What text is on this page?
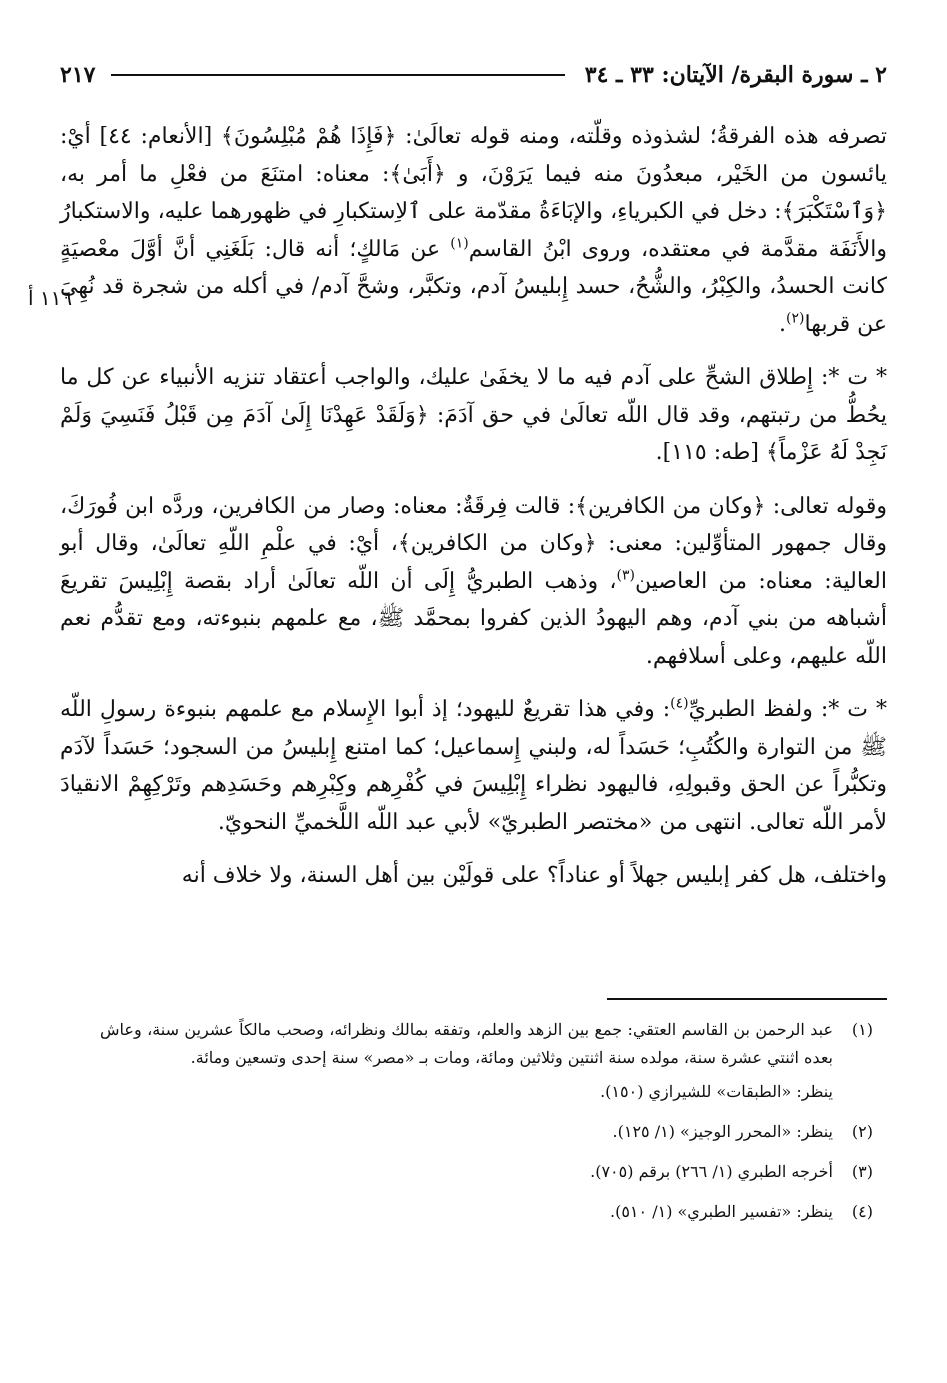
٢ ـ سورة البقرة/ الآيتان: ٣٣ ـ ٣٤
٢١٧

تصرفه هذه الفرقةُ؛ لشذوذه وقلّته، ومنه قوله تعالَىٰ: ﴿فَإِذَا هُمْ مُبْلِسُونَ﴾ [الأنعام: ٤٤] أيْ: يائسون من الخَيْر، مبعدُونَ منه فيما يَرَوْنَ، و ﴿أَبَىٰ﴾: معناه: امتنَعَ من فعْلِ ما أمر به، ﴿وَٱسْتَكْبَرَ﴾: دخل في الكبرياءِ، والإبَاءَةُ مقدّمة على ٱلاِستكبارِ في ظهورهما عليه، والاستكبارُ والأَنَفَة مقدَّمة في معتقده، وروى ابْنُ القاسم$^{(١)}$ عن مَالكٍ؛ أنه قال: بَلَغَنِي أنَّ أوَّلَ معْصيَةٍ كانت الحسدُ، والكِبْرُ، والشُّحُ، حسد إِبليسُ آدم، وتكبَّر، وشحَّ آدم/ في أكله من شجرة قد نُهِيَ عن قربها$^{(٢)}$.

* ت *: إِطلاق الشحِّ على آدم فيه ما لا يخفَىٰ عليك، والواجب أعتقاد تنزيه الأنبياء عن كل ما يحُطُّ من رتبتهم، وقد قال اللّه تعالَىٰ في حق آدَمَ: ﴿وَلَقَدْ عَهِدْنَا إِلَىٰ آدَمَ مِن قَبْلُ فَنَسِيَ وَلَمْ نَجِدْ لَهُ عَزْماً﴾ [طه: ١١٥].

وقوله تعالى: ﴿وكان من الكافرين﴾: قالت فِرقَةٌ: معناه: وصار من الكافرين، وردَّه ابن فُورَكَ، وقال جمهور المتأوِّلين: معنى: ﴿وكان من الكافرين﴾، أيْ: في علْمِ اللّهِ تعالَىٰ، وقال أبو العالية: معناه: من العاصين$^{(٣)}$، وذهب الطبريُّ إِلَى أن اللّه تعالَىٰ أراد بقصة إِبْلِيسَ تقريعَ أشباهه من بني آدم، وهم اليهودُ الذين كفروا بمحمَّد ﷺ، مع علمهم بنبوءته، ومع تقدُّم نعم اللّه عليهم، وعلى أسلافهم.

* ت *: ولفظ الطبريِّ$^{(٤)}$: وفي هذا تقريعٌ لليهود؛ إذ أبوا الإِسلام مع علمهم بنبوءة رسولِ اللّه ﷺ من التوارة والكُتُبِ؛ حَسَداً له، ولبني إِسماعيل؛ كما امتنع إِبليسُ من السجود؛ حَسَداً لآدَم وتكبُّراً عن الحق وقبولِهِ، فاليهود نظراء إِبْلِيسَ في كُفْرِهم وكِبْرِهم وحَسَدِهم وتَرْكِهِمْ الانقيادَ لأمر اللّه تعالى. انتهى من «مختصر الطبريّ» لأبي عبد اللّه اللَّخميِّ النحويّ.

واختلف، هل كفر إبليس جهلاً أو عناداً؟ على قولَيْن بين أهل السنة، ولا خلاف أنه

١١٦ أ
(١)

عبد الرحمن بن القاسم العتقي: جمع بين الزهد والعلم، وتفقه بمالك ونظرائه، وصحب مالكاً عشرين سنة، وعاش بعده اثنتي عشرة سنة، مولده سنة اثنتين وثلاثين ومائة، ومات بـ «مصر» سنة إحدى وتسعين ومائة.

ينظر: «الطبقات» للشيرازي (١٥٠).

(٢)

ينظر: «المحرر الوجيز» (١/ ١٢٥).

(٣)

أخرجه الطبري (١/ ٢٦٦) برقم (٧٠٥).

(٤)

ينظر: «تفسير الطبري» (١/ ٥١٠).
